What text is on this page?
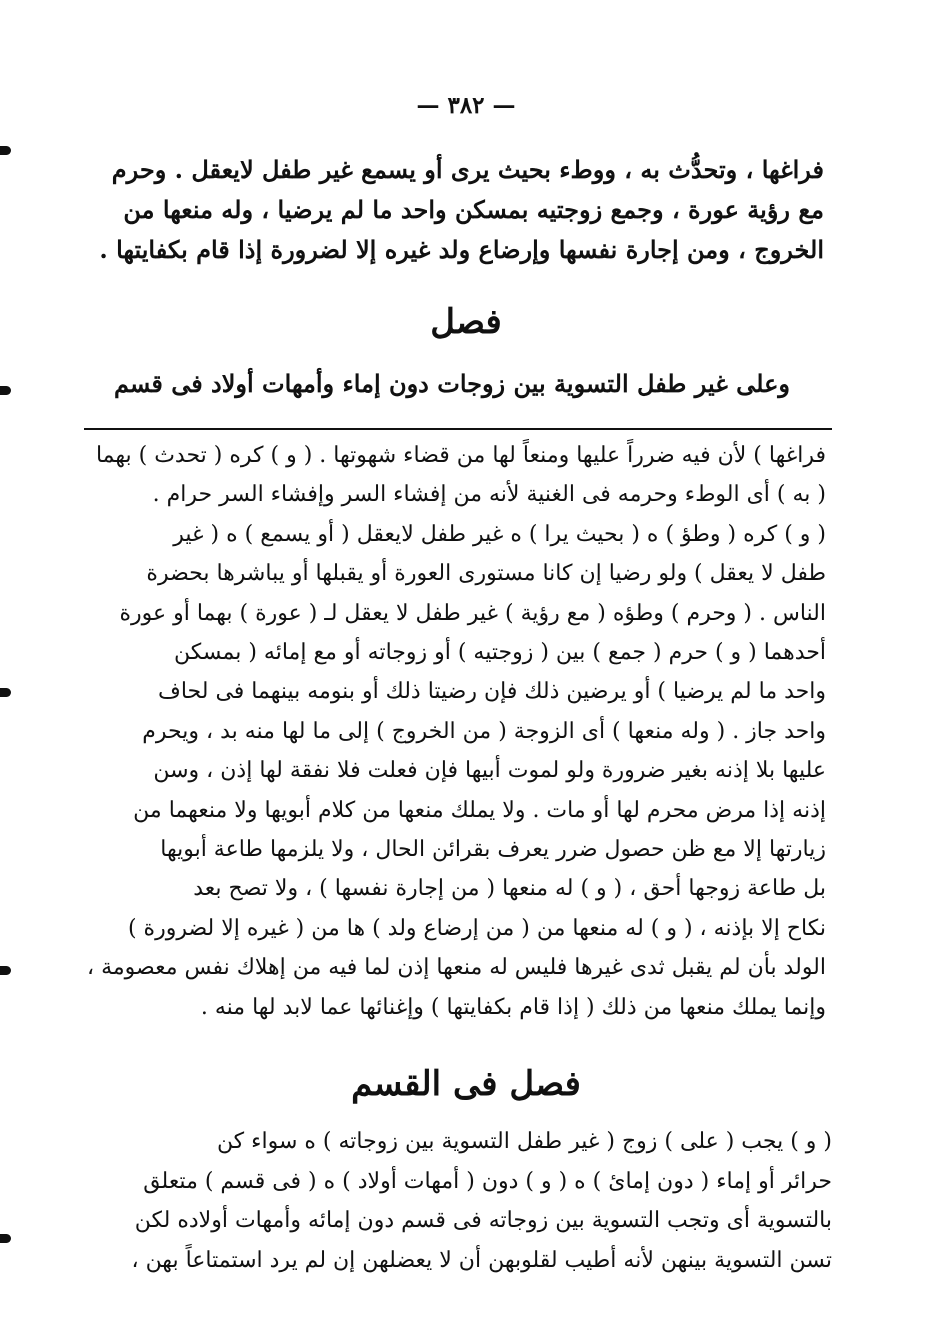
— ٣٨٢ —
فراغها ، وتحدُّث به ، ووطء بحيث يرى أو يسمع غير طفل لايعقل . وحرم
مع رؤية عورة ، وجمع زوجتيه بمسكن واحد ما لم يرضيا ، وله منعها من
الخروج ، ومن إجارة نفسها وإرضاع ولد غيره إلا لضرورة إذا قام بكفايتها .
فصل
وعلى غير طفل التسوية بين زوجات دون إماء وأمهات أولاد فى قسم
فراغها ) لأن فيه ضرراً عليها ومنعاً لها من قضاء شهوتها . ( و ) كره ( تحدث ) بهما
( به ) أى الوطء وحرمه فى الغنية لأنه من إفشاء السر وإفشاء السر حرام .
( و ) كره ( وطؤ ) ه ( بحيث يرا ) ه غير طفل لايعقل ( أو يسمع ) ه ( غير
طفل لا يعقل ) ولو رضيا إن كانا مستورى العورة أو يقبلها أو يباشرها بحضرة
الناس . ( وحرم ) وطؤه ( مع رؤية ) غير طفل لا يعقل لـ ( عورة ) بهما أو عورة
أحدهما ( و ) حرم ( جمع ) بين ( زوجتيه ) أو زوجاته أو مع إمائه ( بمسكن
واحد ما لم يرضيا ) أو يرضين ذلك فإن رضيتا ذلك أو بنومه بينهما فى لحاف
واحد جاز . ( وله منعها ) أى الزوجة ( من الخروج ) إلى ما لها منه بد ، ويحرم
عليها بلا إذنه بغير ضرورة ولو لموت أبيها فإن فعلت فلا نفقة لها إذن ، وسن
إذنه إذا مرض محرم لها أو مات . ولا يملك منعها من كلام أبويها ولا منعهما من
زيارتها إلا مع ظن حصول ضرر يعرف بقرائن الحال ، ولا يلزمها طاعة أبويها
بل طاعة زوجها أحق ، ( و ) له منعها ( من إجارة نفسها ) ، ولا تصح بعد
نكاح إلا بإذنه ، ( و ) له منعها من ( من إرضاع ولد ) ها من ( غيره إلا لضرورة )
الولد بأن لم يقبل ثدى غيرها فليس له منعها إذن لما فيه من إهلاك نفس معصومة ،
وإنما يملك منعها من ذلك ( إذا قام بكفايتها ) وإغنائها عما لابد لها منه .
فصل فى القسم
( و ) يجب ( على ) زوج ( غير طفل التسوية بين زوجاته ) ه سواء كن
حرائر أو إماء ( دون إمائ ) ه ( و ) دون ( أمهات أولاد ) ه ( فى قسم ) متعلق
بالتسوية أى وتجب التسوية بين زوجاته فى قسم دون إمائه وأمهات أولاده لكن
تسن التسوية بينهن لأنه أطيب لقلوبهن أن لا يعضلهن إن لم يرد استمتاعاً بهن ،
